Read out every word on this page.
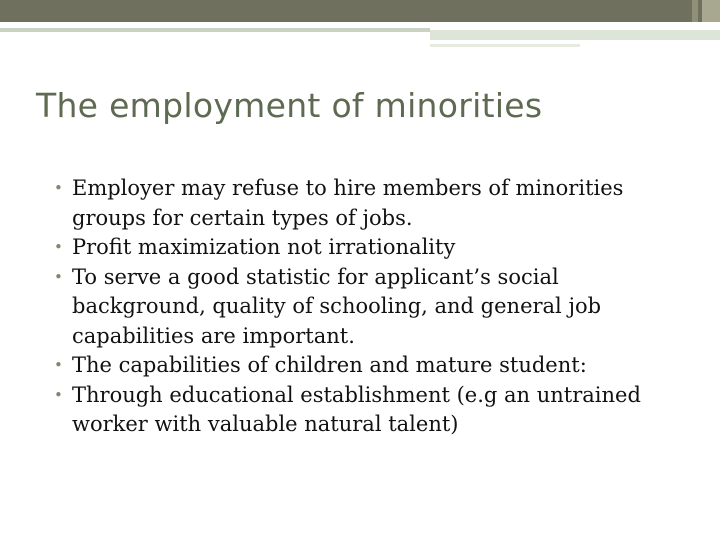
The employment of minorities
• Employer may refuse to hire members of minorities groups for certain types of jobs.
• Profit maximization not irrationality
• To serve a good statistic for applicant’s social background, quality of schooling, and general job capabilities are important.
• The capabilities of children and mature student:
• Through educational establishment (e.g an untrained worker with valuable natural talent)
